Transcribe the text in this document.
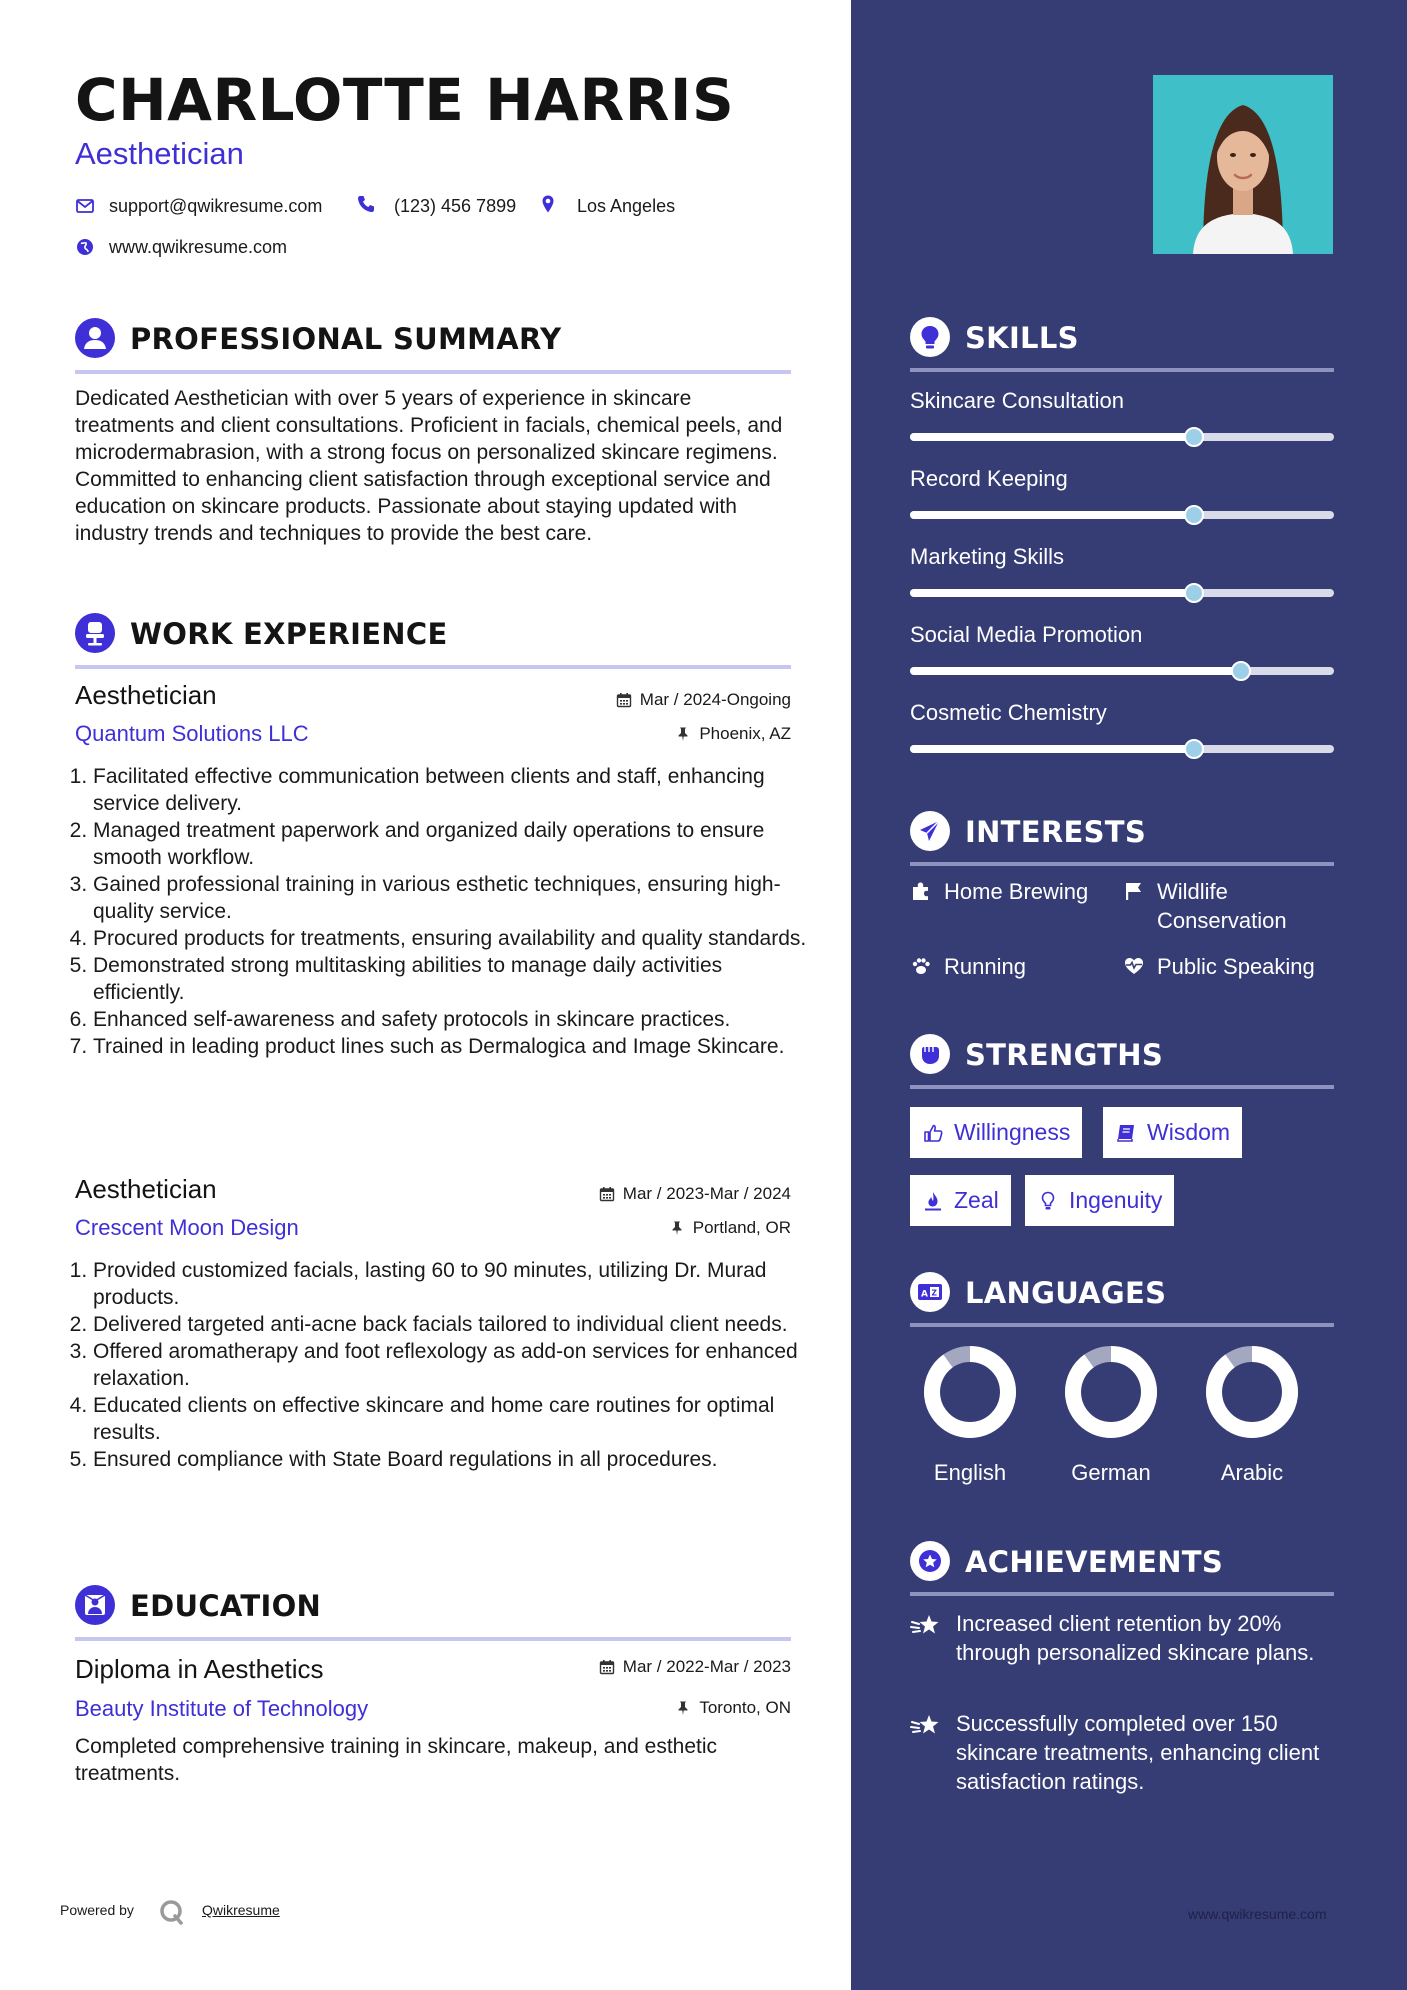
CHARLOTTE HARRIS
Aesthetician
support@qwikresume.com	(123) 456 7899	Los Angeles
www.qwikresume.com
PROFESSIONAL SUMMARY
Dedicated Aesthetician with over 5 years of experience in skincare treatments and client consultations. Proficient in facials, chemical peels, and microdermabrasion, with a strong focus on personalized skincare regimens. Committed to enhancing client satisfaction through exceptional service and education on skincare products. Passionate about staying updated with industry trends and techniques to provide the best care.
WORK EXPERIENCE
Aesthetician	Mar / 2024-Ongoing
Quantum Solutions LLC	Phoenix, AZ
1. Facilitated effective communication between clients and staff, enhancing service delivery.
2. Managed treatment paperwork and organized daily operations to ensure smooth workflow.
3. Gained professional training in various esthetic techniques, ensuring high-quality service.
4. Procured products for treatments, ensuring availability and quality standards.
5. Demonstrated strong multitasking abilities to manage daily activities efficiently.
6. Enhanced self-awareness and safety protocols in skincare practices.
7. Trained in leading product lines such as Dermalogica and Image Skincare.
Aesthetician	Mar / 2023-Mar / 2024
Crescent Moon Design	Portland, OR
1. Provided customized facials, lasting 60 to 90 minutes, utilizing Dr. Murad products.
2. Delivered targeted anti-acne back facials tailored to individual client needs.
3. Offered aromatherapy and foot reflexology as add-on services for enhanced relaxation.
4. Educated clients on effective skincare and home care routines for optimal results.
5. Ensured compliance with State Board regulations in all procedures.
EDUCATION
Diploma in Aesthetics	Mar / 2022-Mar / 2023
Beauty Institute of Technology	Toronto, ON
Completed comprehensive training in skincare, makeup, and esthetic treatments.
Powered by	Qwikresume
SKILLS
Skincare Consultation
Record Keeping
Marketing Skills
Social Media Promotion
Cosmetic Chemistry
INTERESTS
Home Brewing	Wildlife Conservation
Running	Public Speaking
STRENGTHS
Willingness	Wisdom
Zeal	Ingenuity
A Z LANGUAGES
English	German	Arabic
ACHIEVEMENTS
Increased client retention by 20% through personalized skincare plans.
Successfully completed over 150 skincare treatments, enhancing client satisfaction ratings.
www.qwikresume.com
